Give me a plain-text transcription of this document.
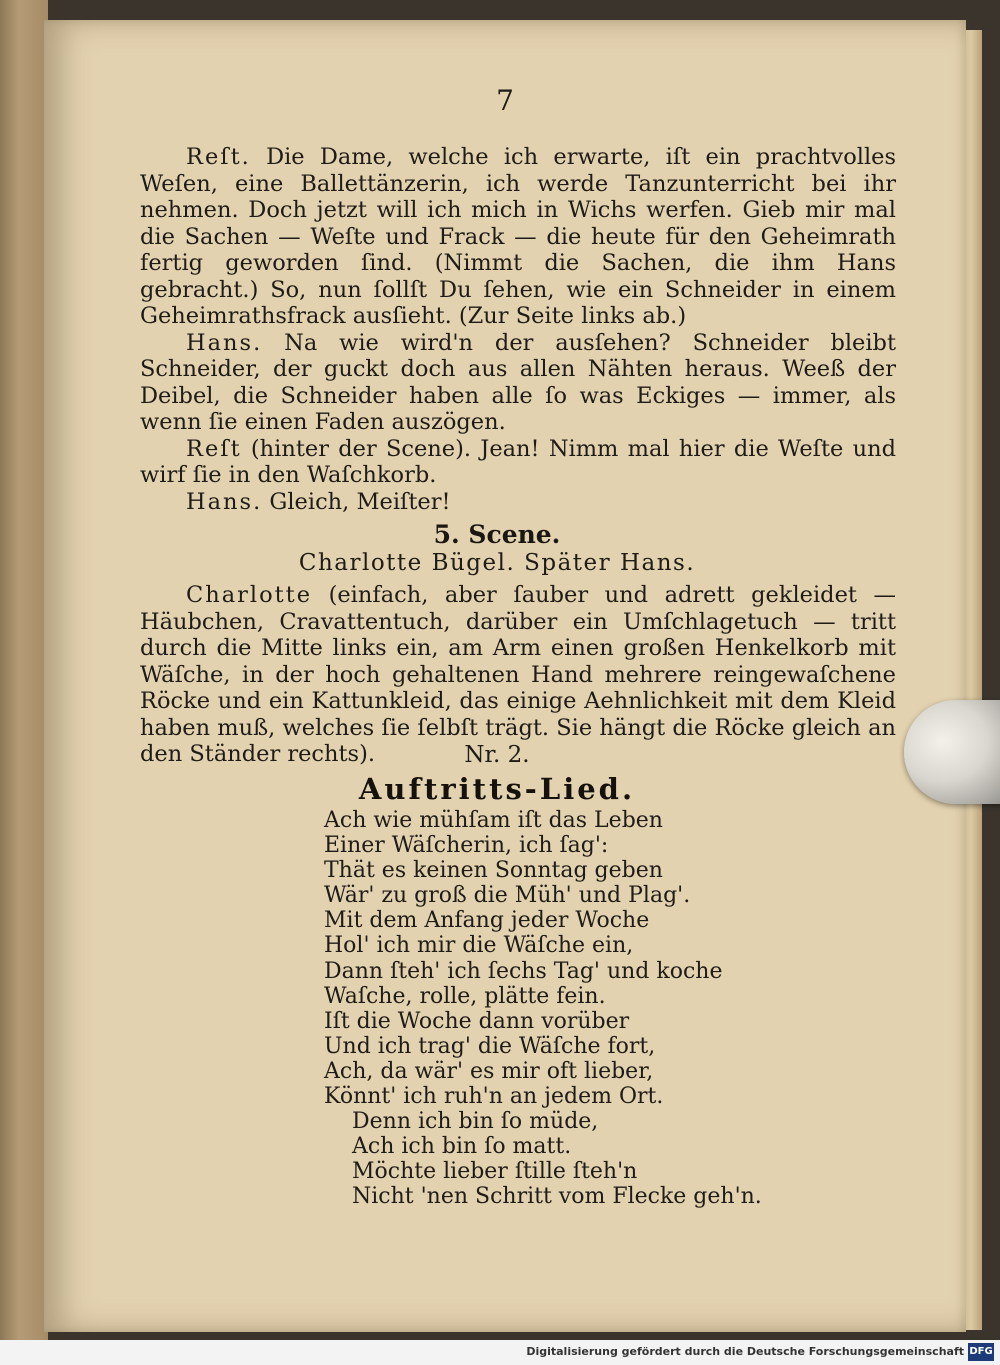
7

Reſt. Die Dame, welche ich erwarte, iſt ein prachtvolles Weſen, eine Ballettänzerin, ich werde Tanzunterricht bei ihr nehmen. Doch jetzt will ich mich in Wichs werfen. Gieb mir mal die Sachen — Weſte und Frack — die heute für den Geheimrath fertig geworden ſind. (Nimmt die Sachen, die ihm Hans gebracht.) So, nun ſollſt Du ſehen, wie ein Schneider in einem Geheimrathsfrack ausſieht. (Zur Seite links ab.)

Hans. Na wie wird'n der ausſehen? Schneider bleibt Schneider, der guckt doch aus allen Nähten heraus. Weeß der Deibel, die Schneider haben alle ſo was Eckiges — immer, als wenn ſie einen Faden auszögen.

Reſt (hinter der Scene). Jean! Nimm mal hier die Weſte und wirf ſie in den Waſchkorb.

Hans. Gleich, Meiſter!

5. Scene.
Charlotte Bügel. Später Hans.

Charlotte (einfach, aber ſauber und adrett gekleidet — Häubchen, Cravattentuch, darüber ein Umſchlagetuch — tritt durch die Mitte links ein, am Arm einen großen Henkelkorb mit Wäſche, in der hoch gehaltenen Hand mehrere reingewaſchene Röcke und ein Kattunkleid, das einige Aehnlichkeit mit dem Kleid haben muß, welches ſie ſelbſt trägt. Sie hängt die Röcke gleich an den Ständer rechts).	Nr. 2.
Auftritts-Lied.
Ach wie mühſam iſt das Leben
Einer Wäſcherin, ich ſag':
Thät es keinen Sonntag geben
Wär' zu groß die Müh' und Plag'.
Mit dem Anfang jeder Woche
Hol' ich mir die Wäſche ein,
Dann ſteh' ich ſechs Tag' und koche
Waſche, rolle, plätte fein.
Iſt die Woche dann vorüber
Und ich trag' die Wäſche fort,
Ach, da wär' es mir oft lieber,
Könnt' ich ruh'n an jedem Ort.
Denn ich bin ſo müde,
Ach ich bin ſo matt.
Möchte lieber ſtille ſteh'n
Nicht 'nen Schritt vom Flecke geh'n.
Digitalisierung gefördert durch die Deutsche Forschungsgemeinschaft DFG
